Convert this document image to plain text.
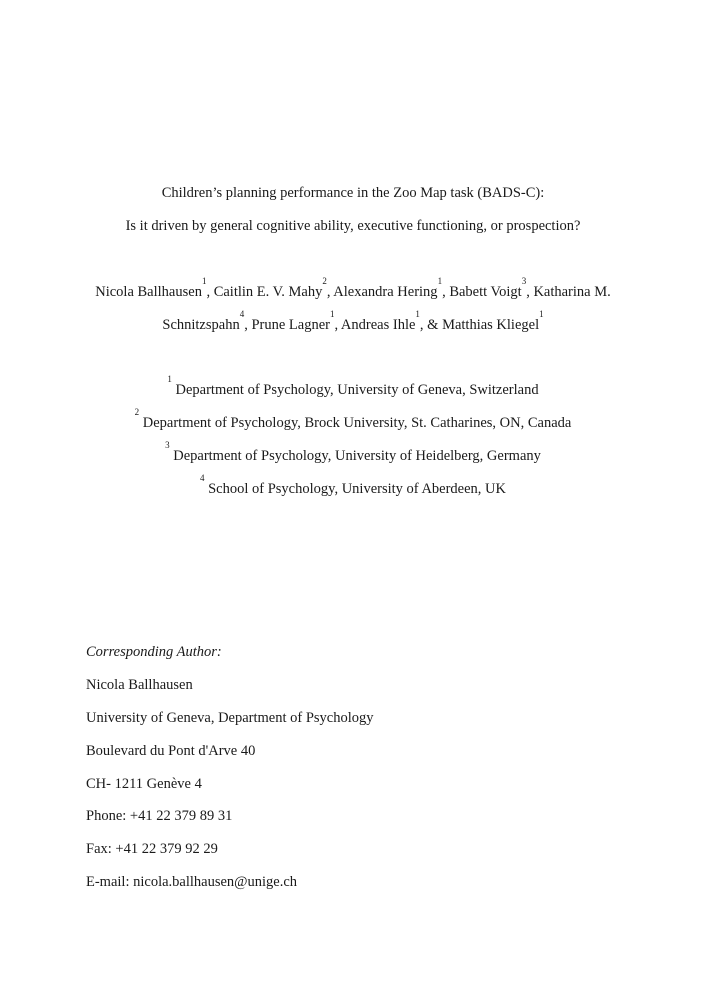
Children’s planning performance in the Zoo Map task (BADS-C):
Is it driven by general cognitive ability, executive functioning, or prospection?
Nicola Ballhausen$^1$, Caitlin E. V. Mahy$^2$, Alexandra Hering$^1$, Babett Voigt$^3$, Katharina M.
Schnitzspahn$^4$, Prune Lagner$^1$, Andreas Ihle$^1$, & Matthias Kliegel$^1$
$^1$ Department of Psychology, University of Geneva, Switzerland
$^2$ Department of Psychology, Brock University, St. Catharines, ON, Canada
$^3$ Department of Psychology, University of Heidelberg, Germany
$^4$ School of Psychology, University of Aberdeen, UK
Corresponding Author:
Nicola Ballhausen
University of Geneva, Department of Psychology
Boulevard du Pont d'Arve 40
CH- 1211 Genève 4
Phone: +41 22 379 89 31
Fax: +41 22 379 92 29
E-mail: nicola.ballhausen@unige.ch
